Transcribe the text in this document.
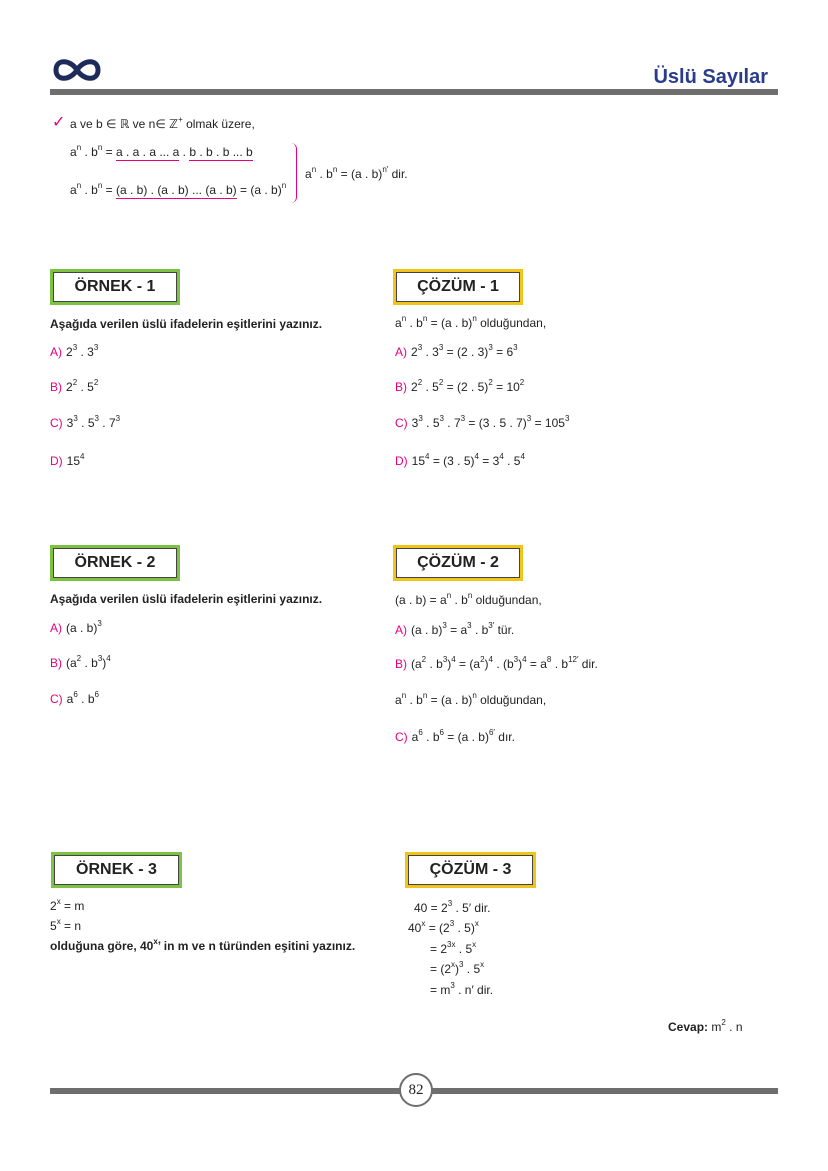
Üslü Sayılar
✓ a ve b ∈ ℝ ve n∈ ℤ+ olmak üzere,
$a^n$ . $b^n = a$ . a . a ... a . b . b . b ... b
$a^n$ . $b^n = (a$ . b) . (a . b) ... (a . b) = (a . b)$^n$
$a^n$ . $b^n = (a$ . b)$^{n'}$ dir.
ÖRNEK - 1
Aşağıda verilen üslü ifadelerin eşitlerini yazınız.
A) $2^3$ . $3^3$
B) $2^2$ . $5^2$
C) $3^3$ . $5^3$ . $7^3$
D) $15^4$
ÇÖZÜM - 1
$a^n$ . $b^n = (a$ . b)$^n$ olduğundan,
A) $2^3$ . $3^3 = (2$ . $3)^3 = 6^3$
B) $2^2$ . $5^2 = (2$ . $5)^2 = 10^2$
C) $3^3$ . $5^3$ . $7^3 = (3$ . 5 . $7)^3 = 105^3$
D) $15^4 = (3$ . $5)^4 = 3^4$ . $5^4$
ÖRNEK - 2
Aşağıda verilen üslü ifadelerin eşitlerini yazınız.
A) (a . b)$^3$
B) ($a^2$ . $b^3)^4$
C) $a^6$ . $b^6$
ÇÖZÜM - 2
(a . $b) = a^n$ . $b^n$ olduğundan,
A) (a . $b)^3 = a^3$ . $b^{3'}$ tür.
B) ($a^2$ . $b^3)^4 = (a^2)^4$ . $(b^3)^4 = a^8$ . $b^{12'}$ dir.
$a^n$ . $b^n = (a$ . b)$^n$ olduğundan,
C) $a^6$ . $b^6 = (a$ . b)$^{6'}$ dır.
ÖRNEK - 3
$2^x = m$
$5^x = n$
olduğuna göre, 40$^x$’ in m ve n türünden eşitini yazınız.
ÇÖZÜM - 3
$40 = 2^3$ . 5′ dir.
$40^x = (2^3$ . 5)$^x$
= $2^{3x}$ . $5^x$
= $(2^x)^3$ . $5^x$
= $m^3$ . n′ dir.
Cevap: $m^2$ . n
82
